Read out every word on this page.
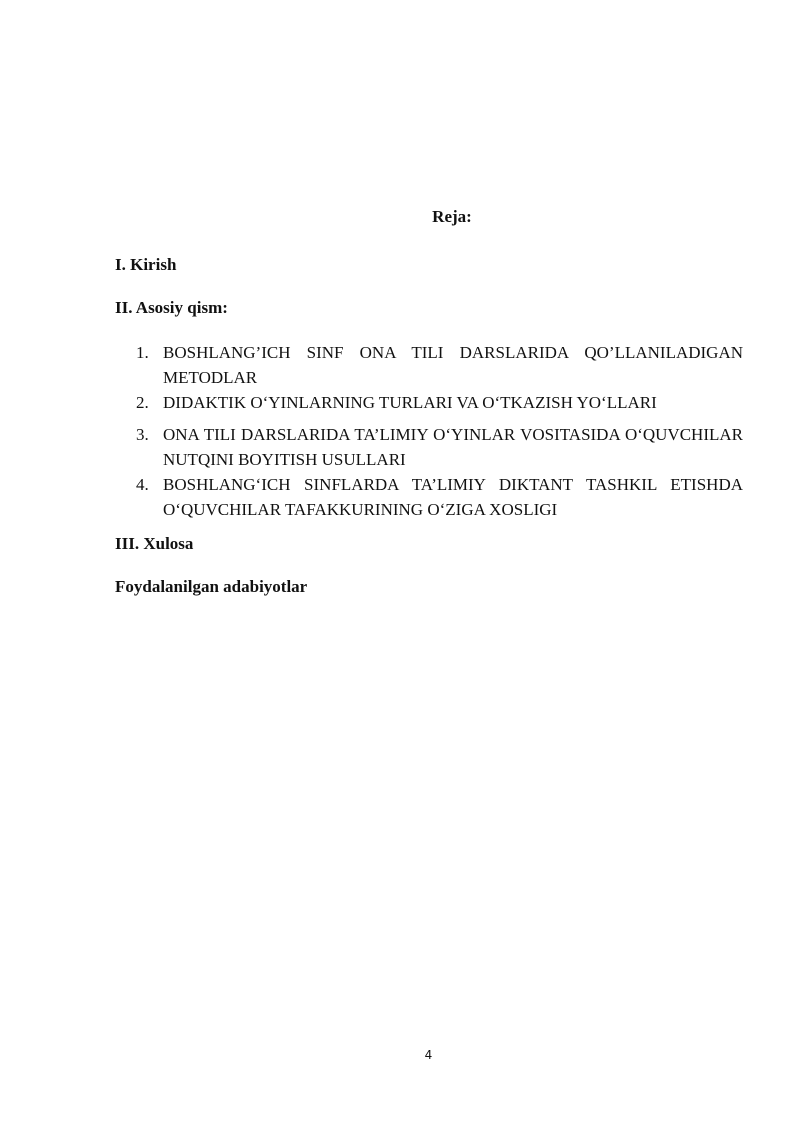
Reja:

I. Kirish

II. Asosiy qism:

1. BOSHLANG’ICH SINF ONA TILI DARSLARIDA QO’LLANILADIGAN METODLAR
2. DIDAKTIK O‘YINLARNING TURLARI VA O‘TKAZISH YO‘LLARI
3. ONA TILI DARSLARIDA TA’LIMIY O‘YINLAR VOSITASIDA O‘QUVCHILAR NUTQINI BOYITISH USULLARI
4. BOSHLANG‘ICH SINFLARDA TA’LIMIY DIKTANT TASHKIL ETISHDA O‘QUVCHILAR TAFAKKURINING O‘ZIGA XOSLIGI

III. Xulosa

Foydalanilgan adabiyotlar

4
